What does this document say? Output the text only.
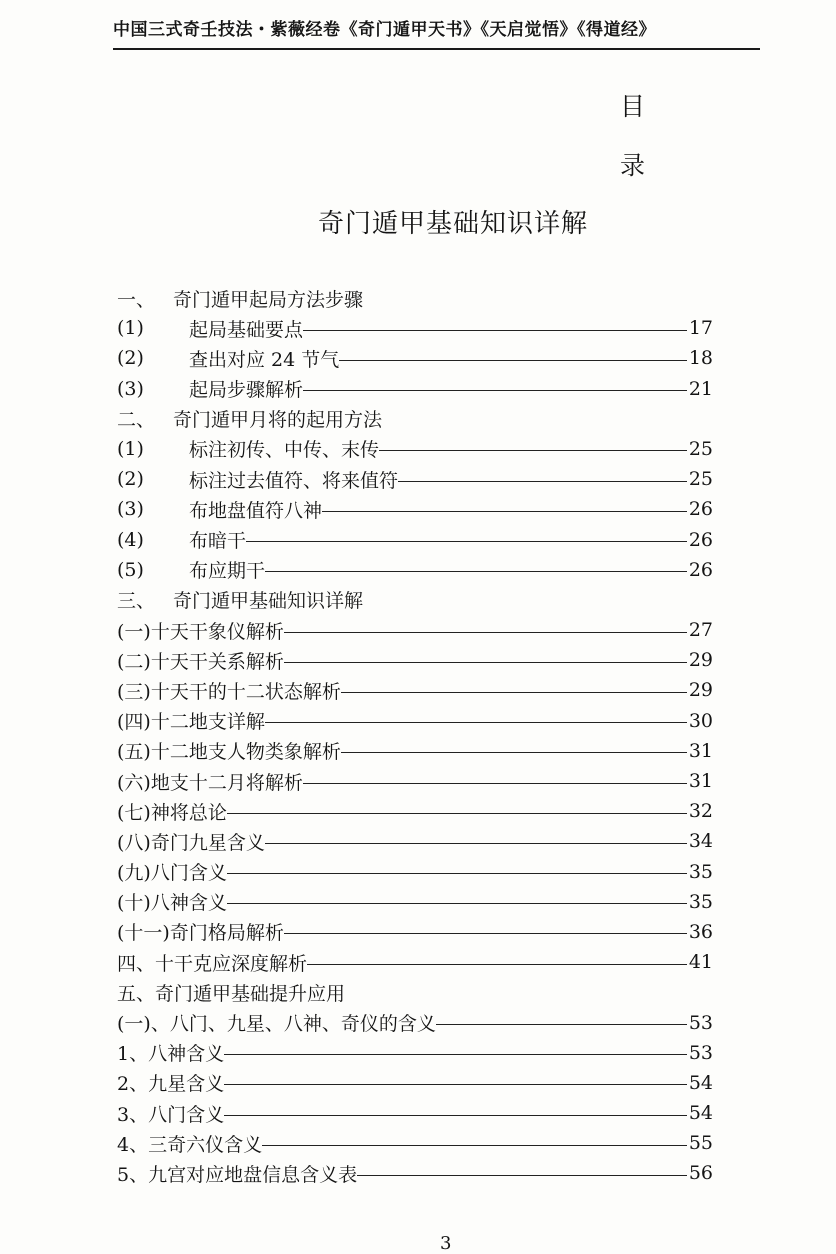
中国三式奇壬技法・紫薇经卷《奇门遁甲天书》《天启觉悟》《得道经》
目
录
奇门遁甲基础知识详解
一、 奇门遁甲起局方法步骤
(1)	起局基础要点	17
(2)	查出对应 24 节气	18
(3)	起局步骤解析	21
二、 奇门遁甲月将的起用方法
(1)	标注初传、中传、末传	25
(2)	标注过去值符、将来值符	25
(3)	布地盘值符八神	26
(4)	布暗干	26
(5)	布应期干	26
三、 奇门遁甲基础知识详解
(一)十天干象仪解析	27
(二)十天干关系解析	29
(三)十天干的十二状态解析	29
(四)十二地支详解	30
(五)十二地支人物类象解析	31
(六)地支十二月将解析	31
(七)神将总论	32
(八)奇门九星含义	34
(九)八门含义	35
(十)八神含义	35
(十一)奇门格局解析	36
四、十干克应深度解析	41
五、奇门遁甲基础提升应用
(一)、八门、九星、八神、奇仪的含义	53
1、八神含义	53
2、九星含义	54
3、八门含义	54
4、三奇六仪含义	55
5、九宫对应地盘信息含义表	56
3
